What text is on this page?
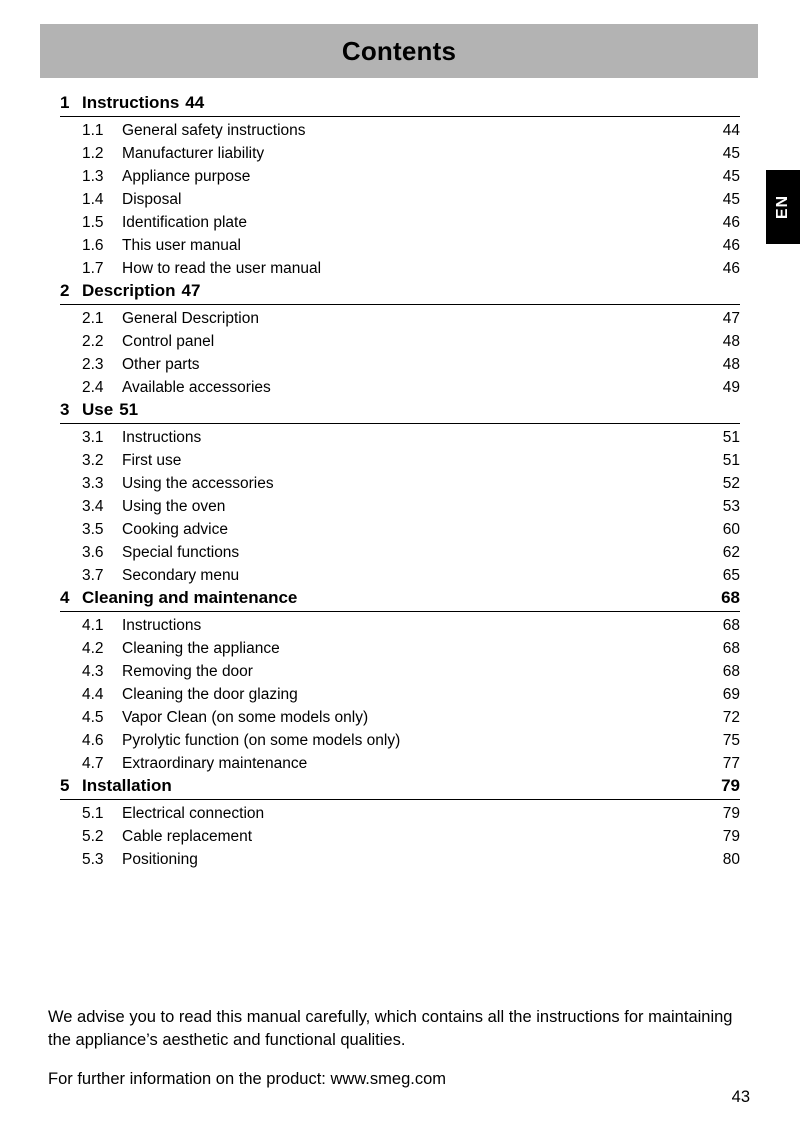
Contents
EN
1 Instructions 44
1.1	General safety instructions	44
1.2	Manufacturer liability	45
1.3	Appliance purpose	45
1.4	Disposal	45
1.5	Identification plate	46
1.6	This user manual	46
1.7	How to read the user manual	46
2 Description 47
2.1	General Description	47
2.2	Control panel	48
2.3	Other parts	48
2.4	Available accessories	49
3 Use 51
3.1	Instructions	51
3.2	First use	51
3.3	Using the accessories	52
3.4	Using the oven	53
3.5	Cooking advice	60
3.6	Special functions	62
3.7	Secondary menu	65
4 Cleaning and maintenance	68
4.1	Instructions	68
4.2	Cleaning the appliance	68
4.3	Removing the door	68
4.4	Cleaning the door glazing	69
4.5	Vapor Clean (on some models only)	72
4.6	Pyrolytic function (on some models only)	75
4.7	Extraordinary maintenance	77
5 Installation	79
5.1	Electrical connection	79
5.2	Cable replacement	79
5.3	Positioning	80
We advise you to read this manual carefully, which contains all the instructions for maintaining the appliance’s aesthetic and functional qualities.
For further information on the product: www.smeg.com
43
